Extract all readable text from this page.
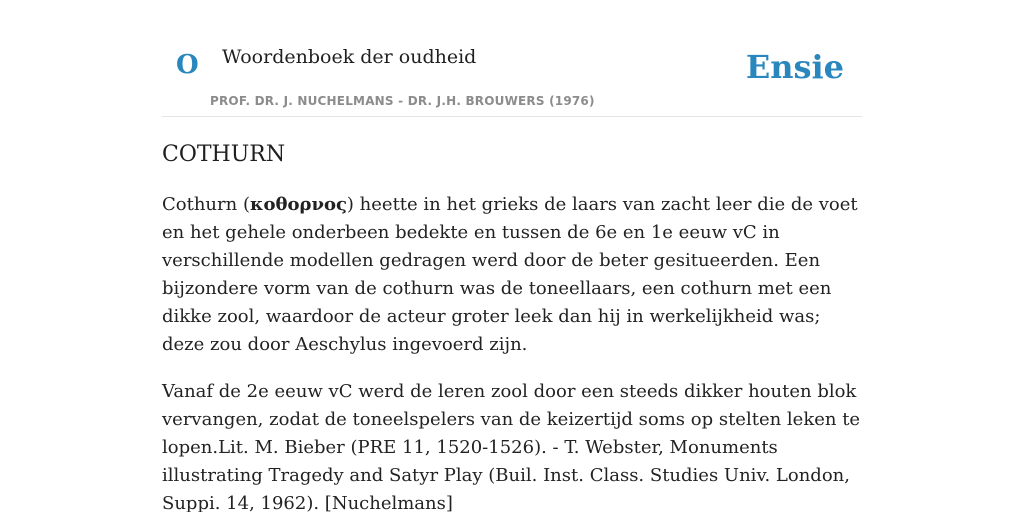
O Woordenboek der oudheid
PROF. DR. J. NUCHELMANS - DR. J.H. BROUWERS (1976)
Ensie
COTHURN

Cothurn (κοθορνος) heette in het grieks de laars van zacht leer die de voet en het gehele onderbeen bedekte en tussen de 6e en 1e eeuw vC in verschillende modellen gedragen werd door de beter gesitueerden. Een bijzondere vorm van de cothurn was de toneellaars, een cothurn met een dikke zool, waardoor de acteur groter leek dan hij in werkelijkheid was; deze zou door Aeschylus ingevoerd zijn.

Vanaf de 2e eeuw vC werd de leren zool door een steeds dikker houten blok vervangen, zodat de toneelspelers van de keizertijd soms op stelten leken te lopen.Lit. M. Bieber (PRE 11, 1520-1526). - T. Webster, Monuments illustrating Tragedy and Satyr Play (Buil. Inst. Class. Studies Univ. London, Suppi. 14, 1962). [Nuchelmans]
